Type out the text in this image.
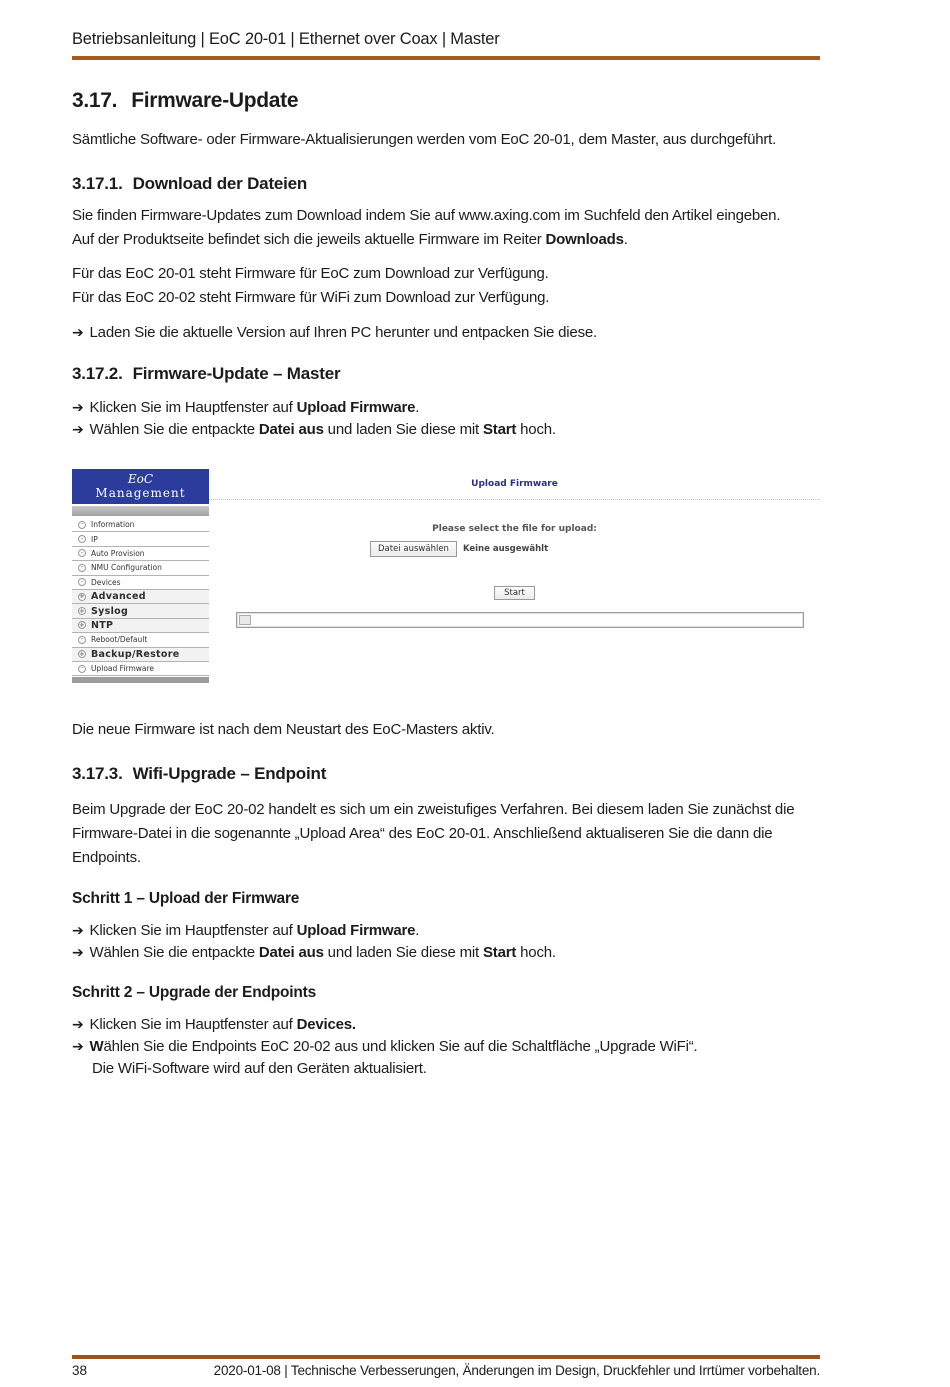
Betriebsanleitung | EoC 20-01 | Ethernet over Coax | Master
3.17. Firmware-Update
Sämtliche Software- oder Firmware-Aktualisierungen werden vom EoC 20-01, dem Master, aus durchgeführt.
3.17.1. Download der Dateien
Sie finden Firmware-Updates zum Download indem Sie auf www.axing.com im Suchfeld den Artikel eingeben.
Auf der Produktseite befindet sich die jeweils aktuelle Firmware im Reiter Downloads.
Für das EoC 20-01 steht Firmware für EoC zum Download zur Verfügung.
Für das EoC 20-02 steht Firmware für WiFi zum Download zur Verfügung.
➔ Laden Sie die aktuelle Version auf Ihren PC herunter und entpacken Sie diese.
3.17.2. Firmware-Update – Master
➔ Klicken Sie im Hauptfenster auf Upload Firmware.
➔ Wählen Sie die entpackte Datei aus und laden Sie diese mit Start hoch.
EoC
Management
-	Information
-	IP
-	Auto Provision
-	NMU Configuration
-	Devices
+ Advanced
+ Syslog
+ NTP
-	Reboot/Default
+ Backup/Restore
-	Upload Firmware
Upload Firmware
Please select the file for upload:
Datei auswählen	Keine ausgewählt
Start
Die neue Firmware ist nach dem Neustart des EoC-Masters aktiv.
3.17.3. Wifi-Upgrade – Endpoint
Beim Upgrade der EoC 20-02 handelt es sich um ein zweistufiges Verfahren. Bei diesem laden Sie zunächst die
Firmware-Datei in die sogenannte „Upload Area“ des EoC 20-01. Anschließend aktualiseren Sie die dann die
Endpoints.
Schritt 1 – Upload der Firmware
➔ Klicken Sie im Hauptfenster auf Upload Firmware.
➔ Wählen Sie die entpackte Datei aus und laden Sie diese mit Start hoch.
Schritt 2 – Upgrade der Endpoints
➔ Klicken Sie im Hauptfenster auf Devices.
➔ Wählen Sie die Endpoints EoC 20-02 aus und klicken Sie auf die Schaltfläche „Upgrade WiFi“.
Die WiFi-Software wird auf den Geräten aktualisiert.
38	2020-01-08 | Technische Verbesserungen, Änderungen im Design, Druckfehler und Irrtümer vorbehalten.
